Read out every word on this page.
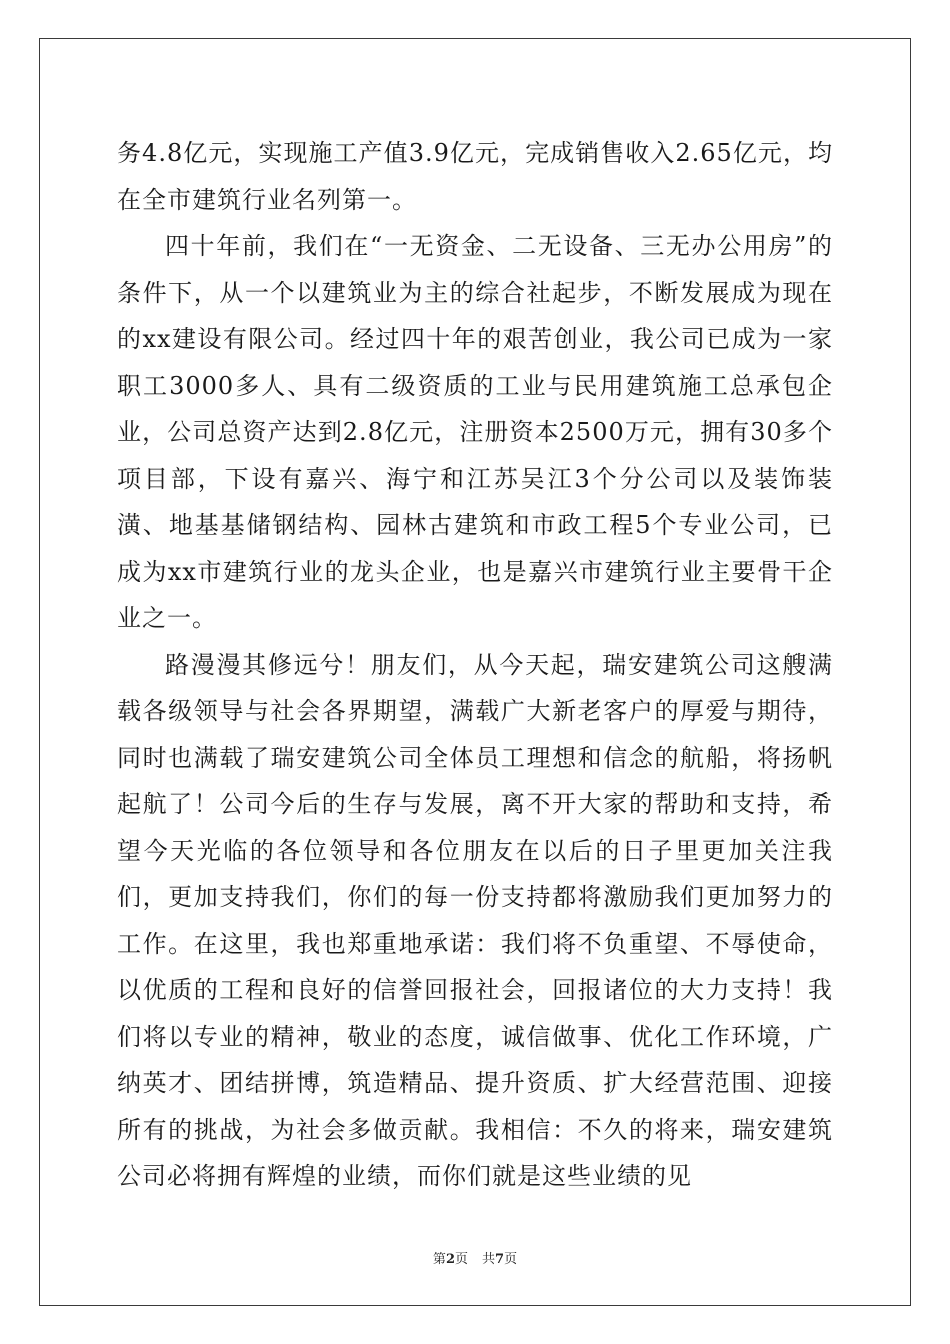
务4.8亿元，实现施工产值3.9亿元，完成销售收入2.65亿元，均在全市建筑行业名列第一。

四十年前，我们在“一无资金、二无设备、三无办公用房”的条件下，从一个以建筑业为主的综合社起步，不断发展成为现在的xx建设有限公司。经过四十年的艰苦创业，我公司已成为一家职工3000多人、具有二级资质的工业与民用建筑施工总承包企业，公司总资产达到2.8亿元，注册资本2500万元，拥有30多个项目部，下设有嘉兴、海宁和江苏吴江3个分公司以及装饰装潢、地基基储钢结构、园林古建筑和市政工程5个专业公司，已成为xx市建筑行业的龙头企业，也是嘉兴市建筑行业主要骨干企业之一。

路漫漫其修远兮！朋友们，从今天起，瑞安建筑公司这艘满载各级领导与社会各界期望，满载广大新老客户的厚爱与期待，同时也满载了瑞安建筑公司全体员工理想和信念的航船，将扬帆起航了！公司今后的生存与发展，离不开大家的帮助和支持，希望今天光临的各位领导和各位朋友在以后的日子里更加关注我们，更加支持我们，你们的每一份支持都将激励我们更加努力的工作。在这里，我也郑重地承诺：我们将不负重望、不辱使命，以优质的工程和良好的信誉回报社会，回报诸位的大力支持！我们将以专业的精神，敬业的态度，诚信做事、优化工作环境，广纳英才、团结拼博，筑造精品、提升资质、扩大经营范围、迎接所有的挑战，为社会多做贡献。我相信：不久的将来，瑞安建筑公司必将拥有辉煌的业绩，而你们就是这些业绩的见

第2页 共7页
